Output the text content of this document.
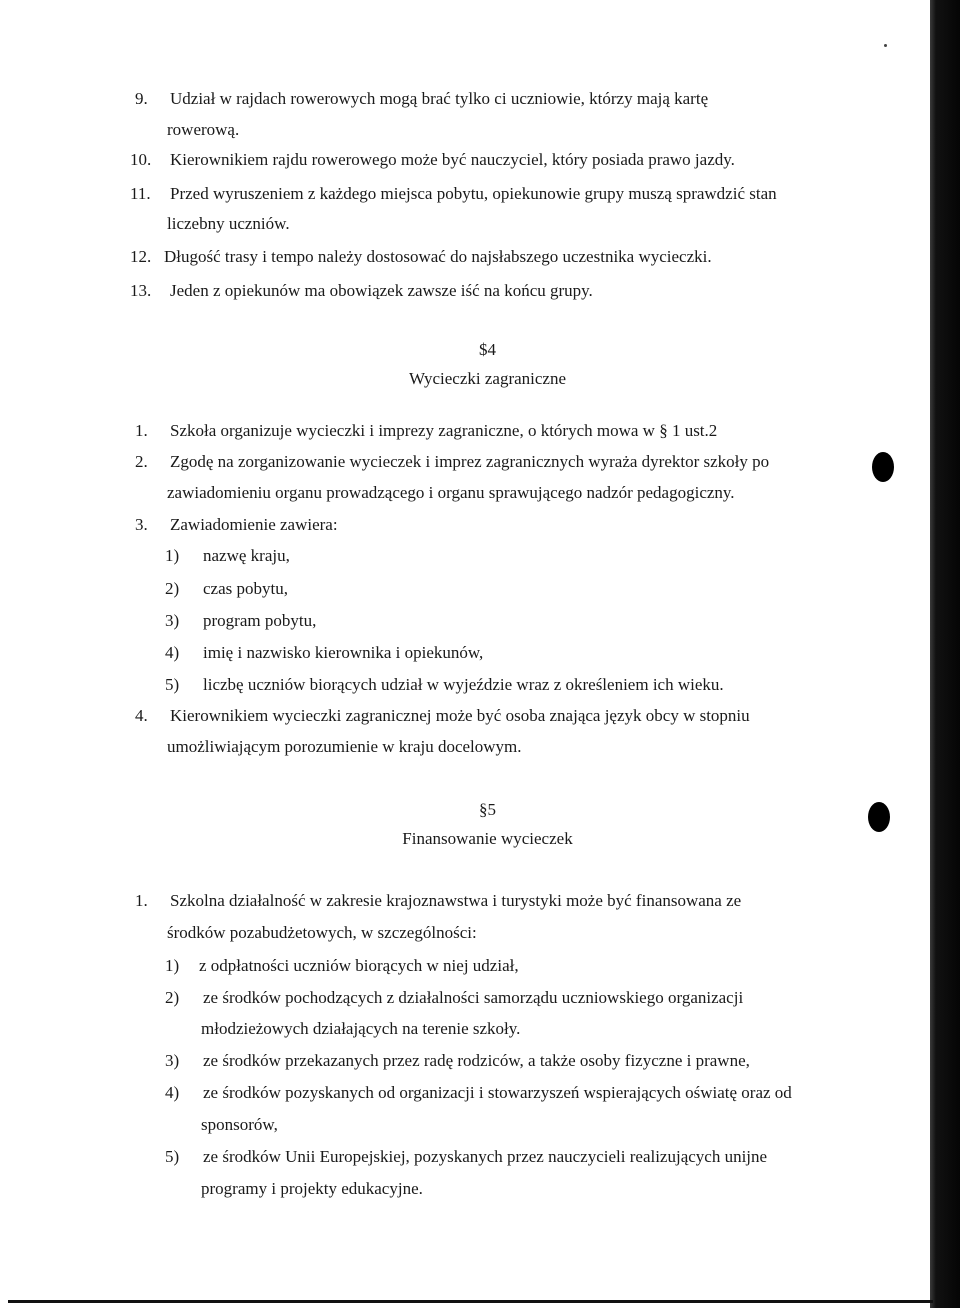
9. Udział w rajdach rowerowych mogą brać tylko ci uczniowie, którzy mają kartę
rowerową.
10. Kierownikiem rajdu rowerowego może być nauczyciel, który posiada prawo jazdy.
11. Przed wyruszeniem z każdego miejsca pobytu, opiekunowie grupy muszą sprawdzić stan
liczebny uczniów.
12. Długość trasy i tempo należy dostosować do najsłabszego uczestnika wycieczki.
13. Jeden z opiekunów ma obowiązek zawsze iść na końcu grupy.
$4
Wycieczki zagraniczne
1. Szkoła organizuje wycieczki i imprezy zagraniczne, o których mowa w § 1 ust.2
2. Zgodę na zorganizowanie wycieczek i imprez zagranicznych wyraża dyrektor szkoły po
zawiadomieniu organu prowadzącego i organu sprawującego nadzór pedagogiczny.
3. Zawiadomienie zawiera:
1) nazwę kraju,
2) czas pobytu,
3) program pobytu,
4) imię i nazwisko kierownika i opiekunów,
5) liczbę uczniów biorących udział w wyjeździe wraz z określeniem ich wieku.
4. Kierownikiem wycieczki zagranicznej może być osoba znająca język obcy w stopniu
umożliwiającym porozumienie w kraju docelowym.
§5
Finansowanie wycieczek
1. Szkolna działalność w zakresie krajoznawstwa i turystyki może być finansowana ze
środków pozabudżetowych, w szczególności:
1) z odpłatności uczniów biorących w niej udział,
2) ze środków pochodzących z działalności samorządu uczniowskiego organizacji
młodzieżowych działających na terenie szkoły.
3) ze środków przekazanych przez radę rodziców, a także osoby fizyczne i prawne,
4) ze środków pozyskanych od organizacji i stowarzyszeń wspierających oświatę oraz od
sponsorów,
5) ze środków Unii Europejskiej, pozyskanych przez nauczycieli realizujących unijne
programy i projekty edukacyjne.
